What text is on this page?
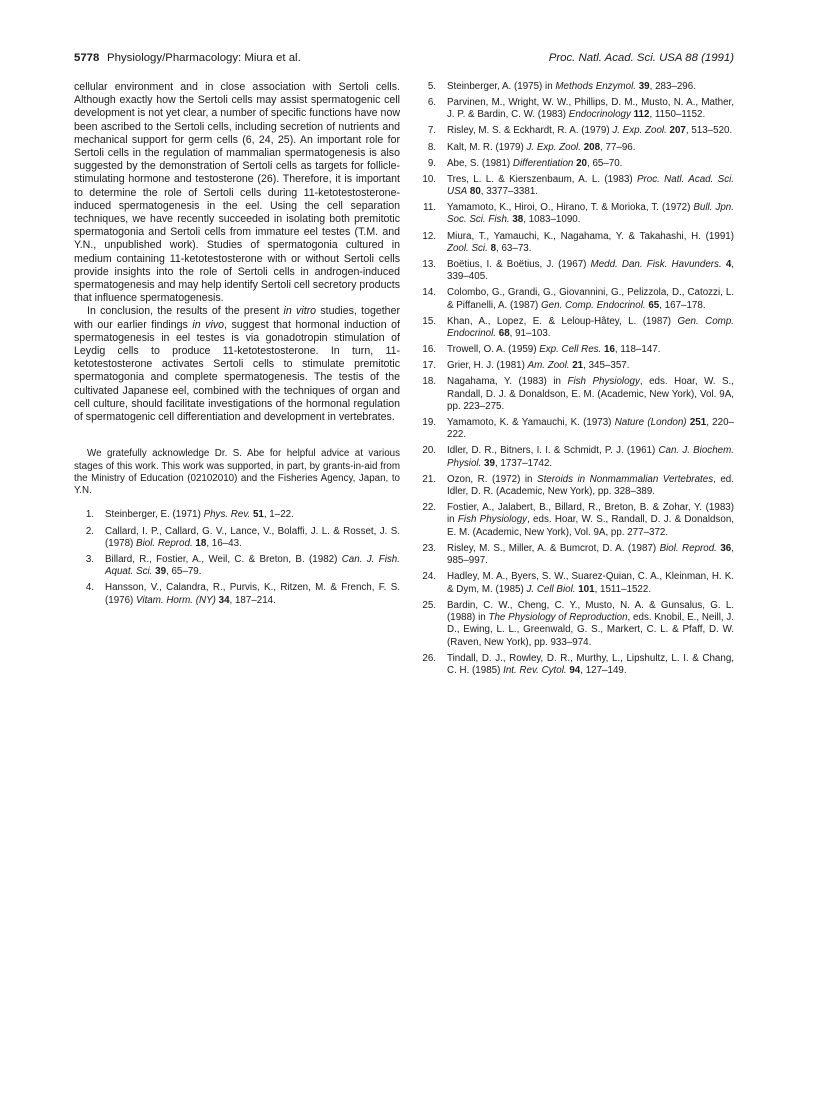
5778 Physiology/Pharmacology: Miura et al.	Proc. Natl. Acad. Sci. USA 88 (1991)

cellular environment and in close association with Sertoli cells. Although exactly how the Sertoli cells may assist spermatogenic cell development is not yet clear, a number of specific functions have now been ascribed to the Sertoli cells, including secretion of nutrients and mechanical support for germ cells (6, 24, 25). An important role for Sertoli cells in the regulation of mammalian spermatogenesis is also suggested by the demonstration of Sertoli cells as targets for follicle-stimulating hormone and testosterone (26). Therefore, it is important to determine the role of Sertoli cells during 11-ketotestosterone-induced spermatogenesis in the eel. Using the cell separation techniques, we have recently succeeded in isolating both premitotic spermatogonia and Sertoli cells from immature eel testes (T.M. and Y.N., unpublished work). Studies of spermatogonia cultured in medium containing 11-ketotestosterone with or without Sertoli cells provide insights into the role of Sertoli cells in androgen-induced spermatogenesis and may help identify Sertoli cell secretory products that influence spermatogenesis.

In conclusion, the results of the present in vitro studies, together with our earlier findings in vivo, suggest that hormonal induction of spermatogenesis in eel testes is via gonadotropin stimulation of Leydig cells to produce 11-ketotestosterone. In turn, 11-ketotestosterone activates Sertoli cells to stimulate premitotic spermatogonia and complete spermatogenesis. The testis of the cultivated Japanese eel, combined with the techniques of organ and cell culture, should facilitate investigations of the hormonal regulation of spermatogenic cell differentiation and development in vertebrates.

We gratefully acknowledge Dr. S. Abe for helpful advice at various stages of this work. This work was supported, in part, by grants-in-aid from the Ministry of Education (02102010) and the Fisheries Agency, Japan, to Y.N.

1. Steinberger, E. (1971) Phys. Rev. 51, 1–22.
2. Callard, I. P., Callard, G. V., Lance, V., Bolaffi, J. L. & Rosset, J. S. (1978) Biol. Reprod. 18, 16–43.
3. Billard, R., Fostier, A., Weil, C. & Breton, B. (1982) Can. J. Fish. Aquat. Sci. 39, 65–79.
4. Hansson, V., Calandra, R., Purvis, K., Ritzen, M. & French, F. S. (1976) Vitam. Horm. (NY) 34, 187–214.
5. Steinberger, A. (1975) in Methods Enzymol. 39, 283–296.
6. Parvinen, M., Wright, W. W., Phillips, D. M., Musto, N. A., Mather, J. P. & Bardin, C. W. (1983) Endocrinology 112, 1150–1152.
7. Risley, M. S. & Eckhardt, R. A. (1979) J. Exp. Zool. 207, 513–520.
8. Kalt, M. R. (1979) J. Exp. Zool. 208, 77–96.
9. Abe, S. (1981) Differentiation 20, 65–70.
10. Tres, L. L. & Kierszenbaum, A. L. (1983) Proc. Natl. Acad. Sci. USA 80, 3377–3381.
11. Yamamoto, K., Hiroi, O., Hirano, T. & Morioka, T. (1972) Bull. Jpn. Soc. Sci. Fish. 38, 1083–1090.
12. Miura, T., Yamauchi, K., Nagahama, Y. & Takahashi, H. (1991) Zool. Sci. 8, 63–73.
13. Boëtius, I. & Boëtius, J. (1967) Medd. Dan. Fisk. Havunders. 4, 339–405.
14. Colombo, G., Grandi, G., Giovannini, G., Pelizzola, D., Catozzi, L. & Piffanelli, A. (1987) Gen. Comp. Endocrinol. 65, 167–178.
15. Khan, A., Lopez, E. & Leloup-Hâtey, L. (1987) Gen. Comp. Endocrinol. 68, 91–103.
16. Trowell, O. A. (1959) Exp. Cell Res. 16, 118–147.
17. Grier, H. J. (1981) Am. Zool. 21, 345–357.
18. Nagahama, Y. (1983) in Fish Physiology, eds. Hoar, W. S., Randall, D. J. & Donaldson, E. M. (Academic, New York), Vol. 9A, pp. 223–275.
19. Yamamoto, K. & Yamauchi, K. (1973) Nature (London) 251, 220–222.
20. Idler, D. R., Bitners, I. I. & Schmidt, P. J. (1961) Can. J. Biochem. Physiol. 39, 1737–1742.
21. Ozon, R. (1972) in Steroids in Nonmammalian Vertebrates, ed. Idler, D. R. (Academic, New York), pp. 328–389.
22. Fostier, A., Jalabert, B., Billard, R., Breton, B. & Zohar, Y. (1983) in Fish Physiology, eds. Hoar, W. S., Randall, D. J. & Donaldson, E. M. (Academic, New York), Vol. 9A, pp. 277–372.
23. Risley, M. S., Miller, A. & Bumcrot, D. A. (1987) Biol. Reprod. 36, 985–997.
24. Hadley, M. A., Byers, S. W., Suarez-Quian, C. A., Kleinman, H. K. & Dym, M. (1985) J. Cell Biol. 101, 1511–1522.
25. Bardin, C. W., Cheng, C. Y., Musto, N. A. & Gunsalus, G. L. (1988) in The Physiology of Reproduction, eds. Knobil, E., Neill, J. D., Ewing, L. L., Greenwald, G. S., Markert, C. L. & Pfaff, D. W. (Raven, New York), pp. 933–974.
26. Tindall, D. J., Rowley, D. R., Murthy, L., Lipshultz, L. I. & Chang, C. H. (1985) Int. Rev. Cytol. 94, 127–149.
